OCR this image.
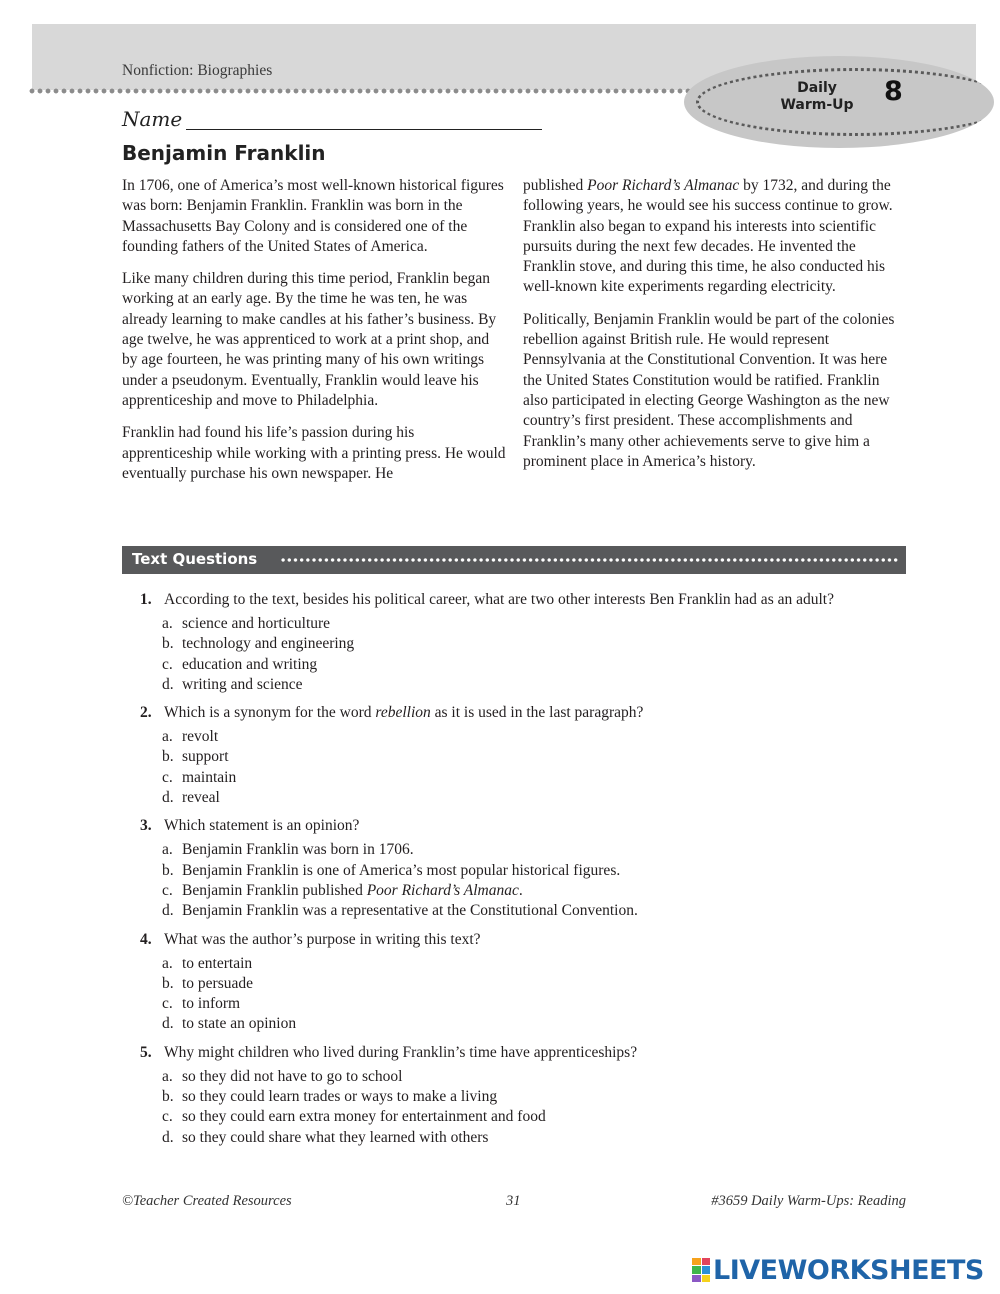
Nonfiction: Biographies
Daily
Warm-Up	8
Name
Benjamin Franklin

In 1706, one of America’s most well-known historical figures was born: Benjamin Franklin. Franklin was born in the Massachusetts Bay Colony and is considered one of the founding fathers of the United States of America.

Like many children during this time period, Franklin began working at an early age. By the time he was ten, he was already learning to make candles at his father’s business. By age twelve, he was apprenticed to work at a print shop, and by age fourteen, he was printing many of his own writings under a pseudonym. Eventually, Franklin would leave his apprenticeship and move to Philadelphia.

Franklin had found his life’s passion during his apprenticeship while working with a printing press. He would eventually purchase his own newspaper. He

published Poor Richard’s Almanac by 1732, and during the following years, he would see his success continue to grow. Franklin also began to expand his interests into scientific pursuits during the next few decades. He invented the Franklin stove, and during this time, he also conducted his well-known kite experiments regarding electricity.

Politically, Benjamin Franklin would be part of the colonies rebellion against British rule. He would represent Pennsylvania at the Constitutional Convention. It was here the United States Constitution would be ratified. Franklin also participated in electing George Washington as the new country’s first president. These accomplishments and Franklin’s many other achievements serve to give him a prominent place in America’s history.

Text Questions
1. According to the text, besides his political career, what are two other interests Ben Franklin had as an adult?
a. science and horticulture
b. technology and engineering
c. education and writing
d. writing and science
2. Which is a synonym for the word rebellion as it is used in the last paragraph?
a. revolt
b. support
c. maintain
d. reveal
3. Which statement is an opinion?
a. Benjamin Franklin was born in 1706.
b. Benjamin Franklin is one of America’s most popular historical figures.
c. Benjamin Franklin published Poor Richard’s Almanac.
d. Benjamin Franklin was a representative at the Constitutional Convention.
4. What was the author’s purpose in writing this text?
a. to entertain
b. to persuade
c. to inform
d. to state an opinion
5. Why might children who lived during Franklin’s time have apprenticeships?
a. so they did not have to go to school
b. so they could learn trades or ways to make a living
c. so they could earn extra money for entertainment and food
d. so they could share what they learned with others
©Teacher Created Resources	31	#3659 Daily Warm-Ups: Reading
LIVEWORKSHEETS
